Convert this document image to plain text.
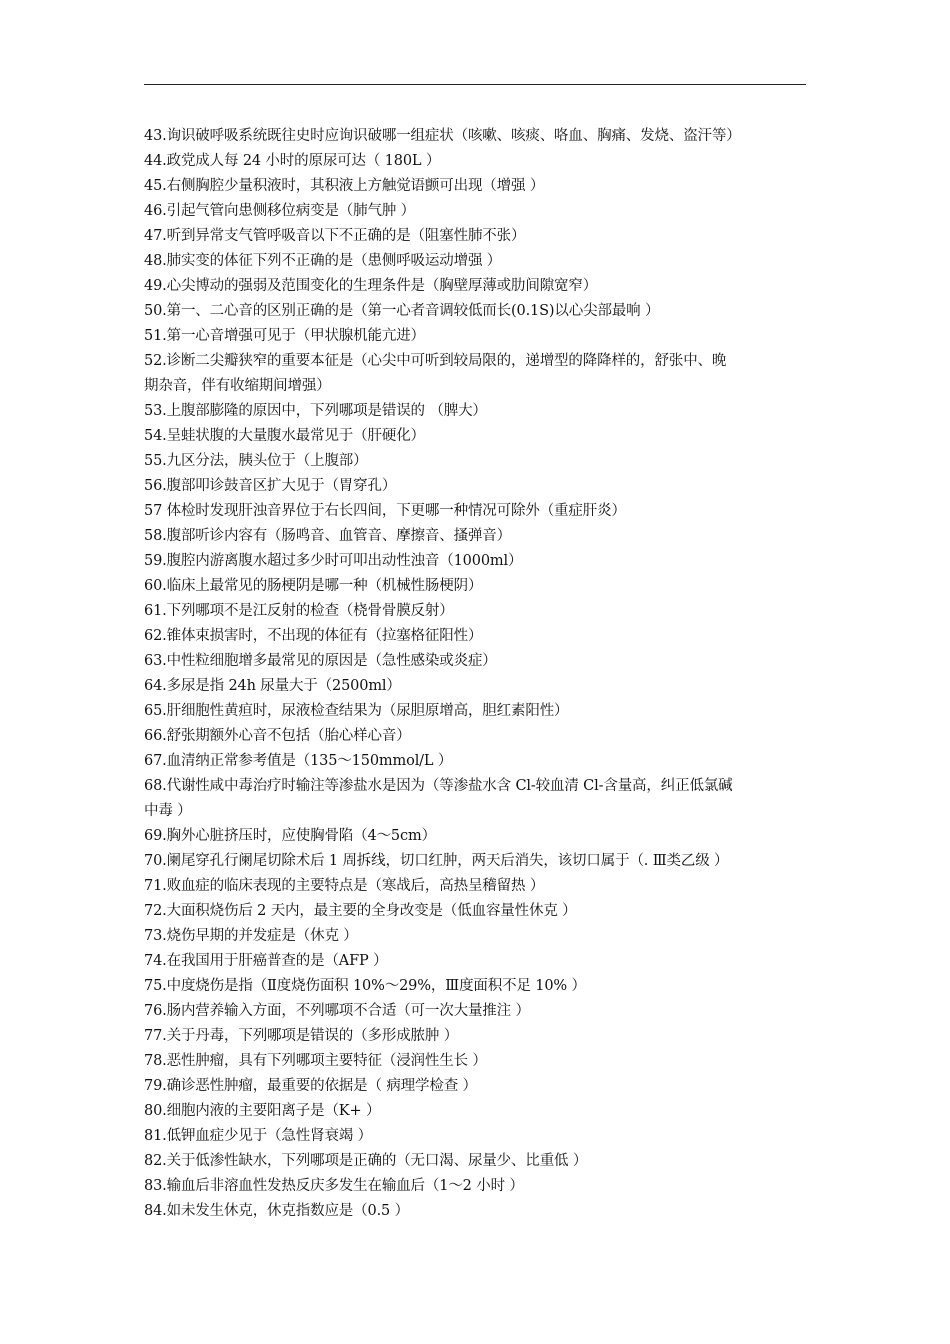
43.询识破呼吸系统既往史时应询识破哪一组症状（咳嗽、咳痰、咯血、胸痛、发烧、盗汗等）
44.政党成人每 24 小时的原尿可达（ 180L ）
45.右侧胸腔少量积液时，其积液上方触觉语颤可出现（增强 ）
46.引起气管向患侧移位病变是（肺气肿 ）
47.听到异常支气管呼吸音以下不正确的是（阻塞性肺不张）
48.肺实变的体征下列不正确的是（患侧呼吸运动增强 ）
49.心尖博动的强弱及范围变化的生理条件是（胸壁厚薄或肋间隙宽窄）
50.第一、二心音的区别正确的是（第一心者音调较低而长(0.1S)以心尖部最响 ）
51.第一心音增强可见于（甲状腺机能亢进）
52.诊断二尖瓣狭窄的重要本征是（心尖中可听到较局限的，递增型的降降样的，舒张中、晚
期杂音，伴有收缩期间增强）
53.上腹部膨隆的原因中，下列哪项是错误的 （脾大）
54.呈蛙状腹的大量腹水最常见于（肝硬化）
55.九区分法，胰头位于（上腹部）
56.腹部叩诊鼓音区扩大见于（胃穿孔）
57 体检时发现肝浊音界位于右长四间，下更哪一种情况可除外（重症肝炎）
58.腹部听诊内容有（肠鸣音、血管音、摩擦音、搔弹音）
59.腹腔内游离腹水超过多少时可叩出动性浊音（1000ml）
60.临床上最常见的肠梗阴是哪一种（机械性肠梗阴）
61.下列哪项不是江反射的检查（桡骨骨膜反射）
62.锥体束损害时，不出现的体征有（拉塞格征阳性）
63.中性粒细胞增多最常见的原因是（急性感染或炎症）
64.多尿是指 24h 尿量大于（2500ml）
65.肝细胞性黄疸时，尿液检查结果为（尿胆原增高，胆红素阳性）
66.舒张期额外心音不包括（胎心样心音）
67.血清纳正常参考值是（135～150mmol/L ）
68.代谢性咸中毒治疗时输注等渗盐水是因为（等渗盐水含 Cl-较血清 Cl-含量高，纠正低氯碱
中毒 ）
69.胸外心脏挤压时，应使胸骨陷（4～5cm）
70.阑尾穿孔行阑尾切除术后 1 周拆线，切口红肿，两天后消失，该切口属于（. Ⅲ类乙级 ）
71.败血症的临床表现的主要特点是（寒战后，高热呈稽留热 ）
72.大面积烧伤后 2 天内，最主要的全身改变是（低血容量性休克 ）
73.烧伤早期的并发症是（休克 ）
74.在我国用于肝癌普查的是（AFP ）
75.中度烧伤是指（Ⅱ度烧伤面积 10%～29%，Ⅲ度面积不足 10% ）
76.肠内营养输入方面，不列哪项不合适（可一次大量推注 ）
77.关于丹毒，下列哪项是错误的（多形成脓肿 ）
78.恶性肿瘤，具有下列哪项主要特征（浸润性生长 ）
79.确诊恶性肿瘤，最重要的依据是（ 病理学检查 ）
80.细胞内液的主要阳离子是（K+ ）
81.低钾血症少见于（急性肾衰竭 ）
82.关于低渗性缺水，下列哪项是正确的（无口渴、尿量少、比重低 ）
83.输血后非溶血性发热反庆多发生在输血后（1～2 小时 ）
84.如未发生休克，休克指数应是（0.5 ）
